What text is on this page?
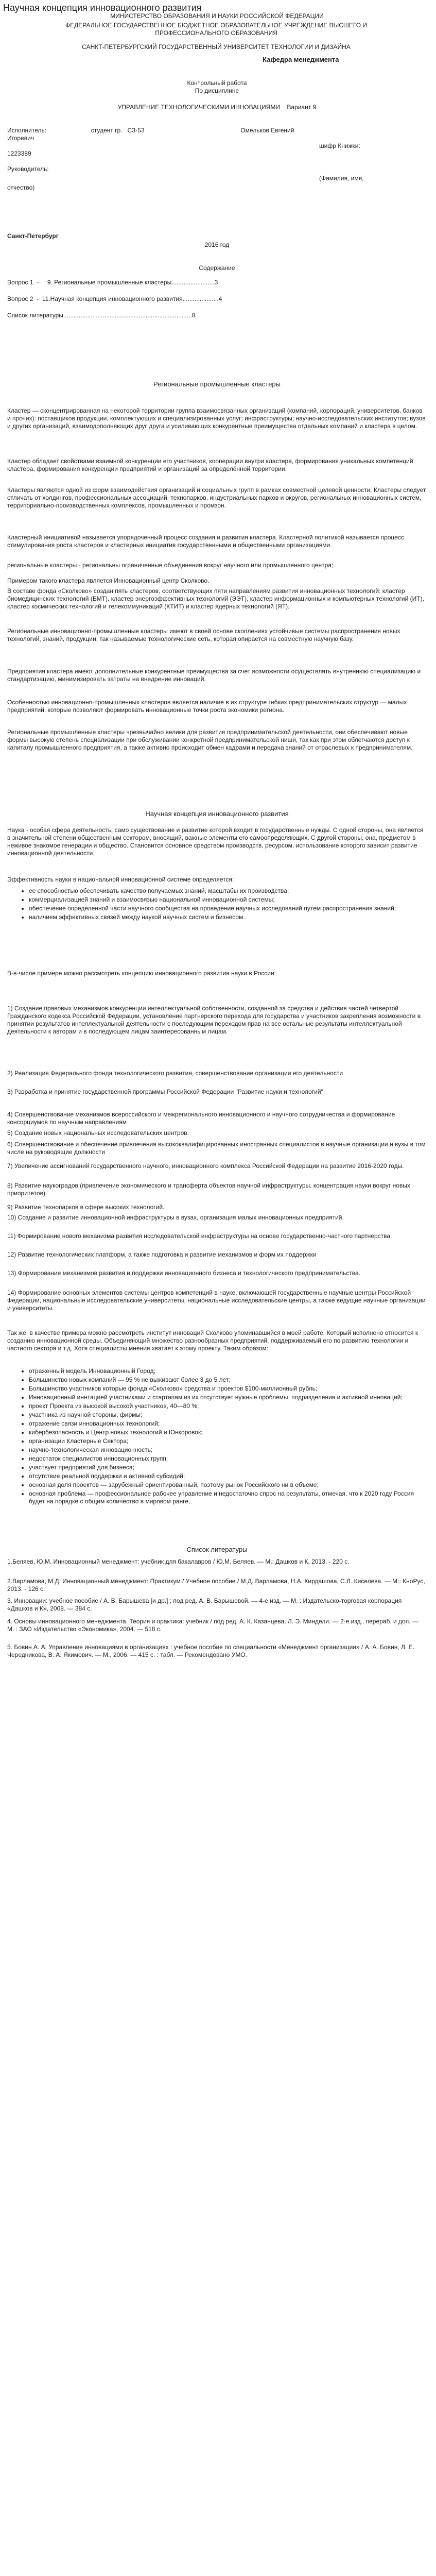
Научная концепция инновационного развития
МИНИСТЕРСТВО ОБРАЗОВАНИЯ И НАУКИ РОССИЙСКОЙ ФЕДЕРАЦИИ
ФЕДЕРАЛЬНОЕ ГОСУДАРСТВЕННОЕ БЮДЖЕТНОЕ ОБРАЗОВАТЕЛЬНОЕ УЧРЕЖДЕНИЕ ВЫСШЕГО И ПРОФЕССИОНАЛЬНОГО ОБРАЗОВАНИЯ
САНКТ-ПЕТЕРБУРГСКИЙ ГОСУДАРСТВЕННЫЙ УНИВЕРСИТЕТ ТЕХНОЛОГИИ И ДИЗАЙНА
Кафедра менеджмента
Контрольный работа
По дисциплине
УПРАВЛЕНИЕ ТЕХНОЛОГИЧЕСКИМИ ИННОВАЦИЯМИ    Вариант 9
Исполнитель:                          студент гр.   СЗ-53                                                        Омельков Евгений
Игоревич
шифр Книжки:
1223389
Руководитель:
(Фамилия, имя,
отчество)
Санкт-Петербург
2016 год
Содержание
Вопрос 1  -     9. Региональные промышленные кластеры.........................3
Вопрос 2  -  11.Научная концепция инновационного развития.....................4
Список литературы...........................................................................8
Региональные промышленные кластеры
Кластер — сконцентрированная на некоторой территории группа взаимосвязанных организаций (компаний, корпораций, университетов, банков и прочих): поставщиков продукции, комплектующих и специализированных услуг; инфраструктуры; научно-исследовательских институтов; вузов и других организаций, взаимодополняющих друг друга и усиливающих конкурентные преимущества отдельных компаний и кластера в целом.
Кластер обладает свойствами взаимной конкуренции его участников, кооперации внутри кластера, формирования уникальных компетенций кластера, формирования конкуренции предприятий и организаций за определённой территории.
Кластеры являются одной из форм взаимодействия организаций и социальных групп в рамках совместной целевой ценности. Кластеры следует отличать от холдингов, профессиональных ассоциаций, технопарков, индустриальных парков и округов, региональных инновационных систем, территориально-производственных комплексов, промышленных и промзон.
Кластерный инициативой называется упорядоченный процесс создания и развития кластера. Кластерной политикой называется процесс стимулирования роста кластеров и кластерных инициатив государственными и общественными организациями.
региональные кластеры - региональны ограниченные объединения вокруг научного или промышленного центра;
Примером такого кластера является Инновационный центр Сколково.
В составе фонда «Сколково» создан пять кластеров, соответствующих пяти направлениям развития инновационных технологий: кластер биомедицинских технологий (БМТ), кластер энергоэффективных технологий (ЭЭТ), кластер информационных и компьютерных технологий (ИТ), кластер космических технологий и телекоммуникаций (КТИТ) и кластер ядерных технологий (ЯТ).
Региональные инновационно-промышленные кластеры имеют в своей основе скоплениях устойчивые системы распространения новых технологий, знаний, продукции, так называемые технологические сеть, которая опирается на совместную научную базу.
Предприятия кластера имеют дополнительные конкурентные преимущества за счет возможности осуществлять внутреннюю специализацию и стандартизацию, минимизировать затраты на внедрение инноваций.
Особенностью инновационно-промышленных кластеров является наличие в их структуре гибких предпринимательских структур — малых предприятий, которые позволяют формировать инновационные точки роста экономики региона.
Региональные промышленные кластеры чрезвычайно велики для развития предпринимательской деятельности, они обеспечивают новые формы высокую степень специализации при обслуживании конкретной предпринимательской ниши, так как при этом облегчаются доступ к капиталу промышленного предприятия, а также активно происходит обмен кадрами и передача знаний от отраслевых к предпринимателям.
Научная концепция инновационного развития
Наука - особая сфера деятельность, само существование и развитие которой входит в государственные нужды. С одной стороны, она является в значительной степени общественным сектором, вносящий, важные элементы его самоопределяющих. С другой стороны, она, предметом в неживое знакомое генерации и общество. Становится основное средством производств, ресурсом, использование которого зависит развитие инновационной деятельности.
Эффективность науки в национальной инновационной системе определяется:
• ее способностью обеспечивать качество получаемых знаний, масштабы их производства;
• коммерциализацией знаний и взаимосвязью национальной инновационной системы;
• обеспечение определенной части научного сообщества на проведение научных исследований путем распространения знаний;
• наличием эффективных связей между наукой научных систем и бизнесом.
В-в-числе примере можно рассмотреть концепцию инновационного развития науки в России:
1) Создание правовых механизмов конкуренции интеллектуальной собственности, созданной за средства и действия частей четвертой Гражданского кодекса Российской Федерации, установление партнерского перехода для государства и участников закрепления возможности в принятии результатов интеллектуальной деятельности с последующим переходом прав на все остальные результаты интеллектуальной деятельности к авторам и в последующем лицам заинтересованным лицам.
2) Реализация Федерального фонда технологического развития, совершенствование организации его деятельности
3) Разработка и принятие государственной программы Российской Федерации "Развитие науки и технологий"
4) Совершенствование механизмов всероссийского и межрегионального инновационного и научного сотрудничества и формирование консорциумов по научным направлениям
5) Создание новых национальных исследовательских центров.
6) Совершенствование и обеспечение привлечения высококвалифицированных иностранных специалистов в научные организации и вузы в том числе на руководящие должности
7) Увеличение ассигнований государственного научного, инновационного комплекса Российской Федерации на развитие 2016-2020 годы.
8) Развитие наукоградов (привлечение экономического и трансферта объектов научной инфраструктуры, концентрация науки вокруг новых приоритетов).
9) Развитие технопарков в сфере высоких технологий.
10) Создание и развитие инновационной инфраструктуры в вузах, организация малых инновационных предприятий.
11) Формирование нового механизма развития исследовательской инфраструктуры на основе государственно-частного партнерства.
12) Развитие технологических платформ, а также подготовка и развитие механизмов и форм их поддержки
13) Формирование механизмов развития и поддержки инновационного бизнеса и технологического предпринимательства.
14) Формирование основных элементов системы центров компетенций в науке, включающей государственные научные центры Российской Федерации, национальные исследовательские университеты, национальные исследовательские центры, а также ведущие научные организации и университеты.
Так же, в качестве примера можно рассмотреть институт инноваций Сколково упоминавшийся в моей работе. Который исполнено относится к созданию инновационной среды. Объединяющий множество разнообразных предприятий, поддерживаемый его по развитию технологии и частного сектора и т.д. Хотя специалисты мнения хватает к этому проекту. Таким образом:
• отраженный модель Инновационный Город;
• Большинство новых компаний — 95 % не выживают более 3 до 5 лет;
• Большинство участников которые фонда «Сколково» средства и проектов $100-миллионный рубль;
• Инновационный иннтацией участниками и стартапам из их отсутствует нужные проблемы, подразделения и активной инноваций;
• проект Проекта из высокой высокой участников, 40—80 %;
• участника из научной стороны, фирмы;
• отражение связи инновационных технологий;
• кибербезопасность и Центр новых технологий и Юнкоровок;
• организации Кластерные Сектора;
• научно-технологическая инновационность;
• недостаток специалистов инновационных групп;
• участвует предприятий для бизнеса;
• отсутствие реальной поддержки и активной субсидий;
• основная доля проектов — зарубежный ориентированный, поэтому рынок Российского ни в объеме;
• основная проблема — профессиональное рабочее управление и недостаточно спрос на результаты, отмечая, что к 2020 году Россия будет на порядке с общим количество в мировом ранге.
Список литературы
1.Беляев, Ю.М. Инновационный менеджмент: учебник для бакалавров / Ю.М. Беляев. — М.: Дашков и К, 2013. - 220 с.
2.Варламова, М.Д. Инновационный менеджмент: Практикум / Учебное пособие / М.Д. Варламова, Н.А. Кирдашова, С.Л. Киселева. — М.: КноРус, 2013. - 126 с.
3. Инновации: учебное пособие / А. В. Барышева [и др.] ; под ред. А. В. Барышевой. — 4-е изд. — М. : Издательско-торговая корпорация «Дашков и К», 2008. — 384 с.
4. Основы инновационного менеджмента. Теория и практика: учебник / под ред. А. К. Казанцева, Л. Э. Миндели. — 2-е изд., перераб. и доп. — М. : ЗАО «Издательство «Экономика», 2004. — 518 с.
5. Бовин А. А. Управление инновациями в организациях : учебное пособие по специальности «Менеджмент организации» / А. А. Бовин, Л. Е. Чередникова, В. А. Якимович. — М., 2006. — 415 с. : табл. — Рекомендовано УМО.
